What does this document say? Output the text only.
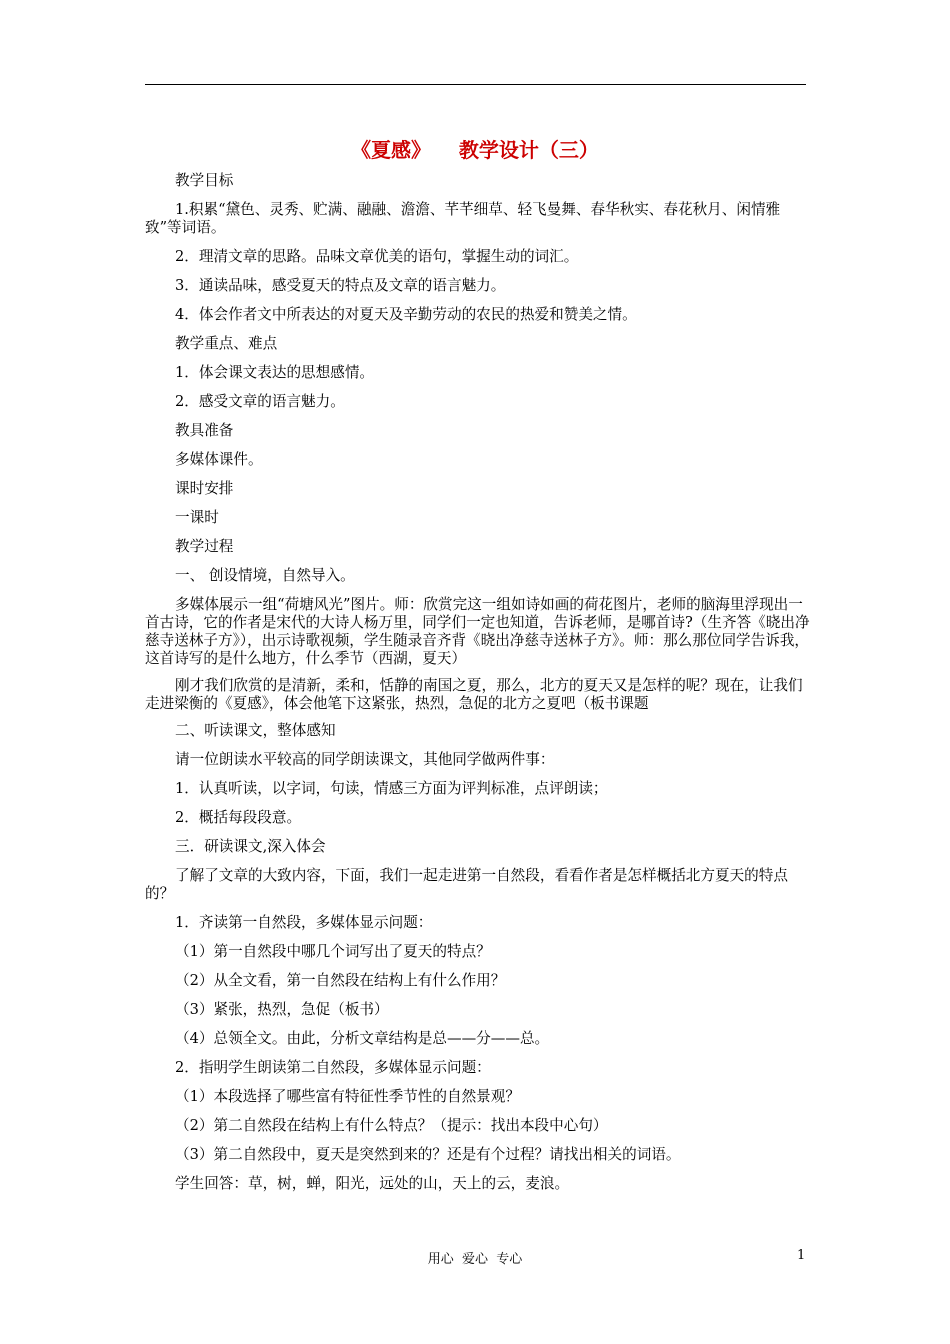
《夏感》    教学设计（三）

教学目标

1.积累“黛色、灵秀、贮满、融融、澹澹、芊芊细草、轻飞曼舞、春华秋实、春花秋月、闲情雅致”等词语。

2．理清文章的思路。品味文章优美的语句，掌握生动的词汇。

3．通读品味，感受夏天的特点及文章的语言魅力。

4．体会作者文中所表达的对夏天及辛勤劳动的农民的热爱和赞美之情。

教学重点、难点

1．体会课文表达的思想感情。

2．感受文章的语言魅力。

教具准备

多媒体课件。

课时安排

一课时

教学过程

一、 创设情境，自然导入。

多媒体展示一组“荷塘风光”图片。师：欣赏完这一组如诗如画的荷花图片，老师的脑海里浮现出一首古诗，它的作者是宋代的大诗人杨万里，同学们一定也知道，告诉老师，是哪首诗?（生齐答《晓出净慈寺送林子方》），出示诗歌视频，学生随录音齐背《晓出净慈寺送林子方》。师：那么那位同学告诉我，这首诗写的是什么地方，什么季节（西湖，夏天）

刚才我们欣赏的是清新，柔和，恬静的南国之夏，那么，北方的夏天又是怎样的呢？现在，让我们走进梁衡的《夏感》，体会他笔下这紧张，热烈，急促的北方之夏吧（板书课题

二、听读课文，整体感知

请一位朗读水平较高的同学朗读课文，其他同学做两件事：

1．认真听读，以字词，句读，情感三方面为评判标准，点评朗读；

2．概括每段段意。

三．研读课文,深入体会

了解了文章的大致内容，下面，我们一起走进第一自然段，看看作者是怎样概括北方夏天的特点的？

1．齐读第一自然段，多媒体显示问题：

（1）第一自然段中哪几个词写出了夏天的特点？

（2）从全文看，第一自然段在结构上有什么作用？

（3）紧张，热烈，急促（板书）

（4）总领全文。由此，分析文章结构是总——分——总。

2．指明学生朗读第二自然段，多媒体显示问题：

（1）本段选择了哪些富有特征性季节性的自然景观？

（2）第二自然段在结构上有什么特点？（提示：找出本段中心句）

（3）第二自然段中，夏天是突然到来的？还是有个过程？请找出相关的词语。

学生回答：草，树，蝉，阳光，远处的山，天上的云，麦浪。

用心  爱心  专心	1
